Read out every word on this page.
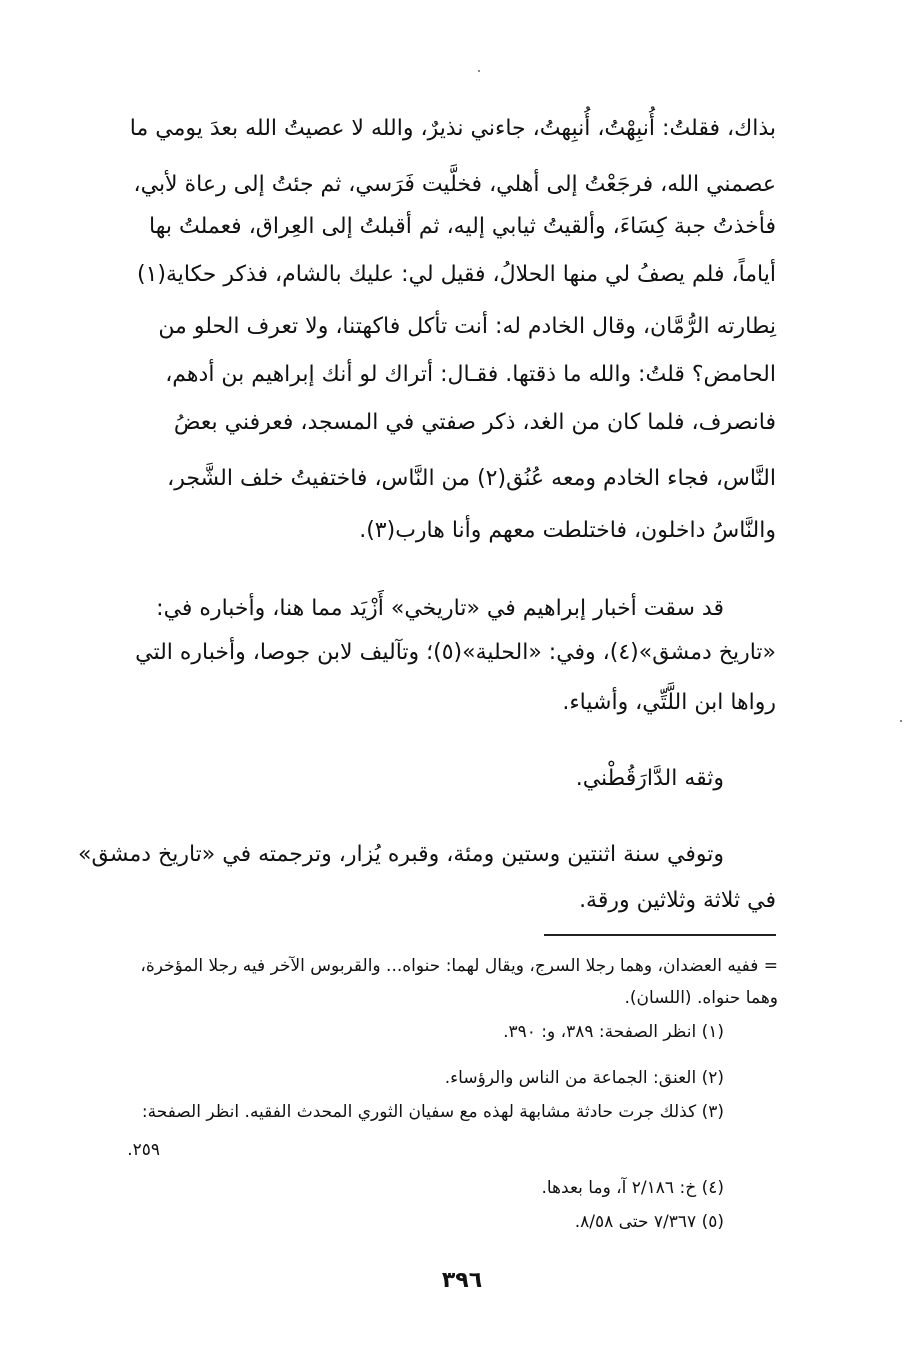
بذاك، فقلتُ: أُنبِهْتُ، أُنبِهتُ، جاءني نذيرٌ، والله لا عصيتُ الله بعدَ يومي ما
عصمني الله، فرجَعْتُ إلى أهلي، فخلَّيت فَرَسي، ثم جئتُ إلى رعاة لأبي،
فأخذتُ جبة كِسَاءَ، وألقيتُ ثيابي إليه، ثم أقبلتُ إلى العِراق، فعملتُ بها
أياماً، فلم يصفُ لي منها الحلالُ، فقيل لي: عليك بالشام، فذكر حكاية(١)
نِطارته الرُّمَّان، وقال الخادم له: أنت تأكل فاكهتنا، ولا تعرف الحلو من
الحامض؟ قلتُ: والله ما ذقتها. فقـال: أتراك لو أنك إبراهيم بن أدهم،
فانصرف، فلما كان من الغد، ذكر صفتي في المسجد، فعرفني بعضُ
النَّاس، فجاء الخادم ومعه عُنُق(٢) من النَّاس، فاختفيتُ خلف الشَّجر،
والنَّاسُ داخلون، فاختلطت معهم وأنا هارب(٣).
قد سقت أخبار إبراهيم في «تاريخي» أَزْيَد مما هنا، وأخباره في:
«تاريخ دمشق»(٤)، وفي: «الحلية»(٥)؛ وتآليف لابن جوصا، وأخباره التي
رواها ابن اللَّتِّي، وأشياء.
وثقه الدَّارَقُطْني.
وتوفي سنة اثنتين وستين ومئة، وقبره يُزار، وترجمته في «تاريخ دمشق»
في ثلاثة وثلاثين ورقة.
= ففيه العضدان، وهما رجلا السرج، ويقال لهما: حنواه... والقربوس الآخر فيه رجلا المؤخرة،
وهما حنواه. (اللسان).
(١) انظر الصفحة: ٣٨٩، و: ٣٩٠.
(٢) العنق: الجماعة من الناس والرؤساء.
(٣) كذلك جرت حادثة مشابهة لهذه مع سفيان الثوري المحدث الفقيه. انظر الصفحة:
٢٥٩.
(٤) خ: ٢/١٨٦ آ، وما بعدها.
(٥) ٧/٣٦٧ حتى ٨/٥٨.
٣٩٦
